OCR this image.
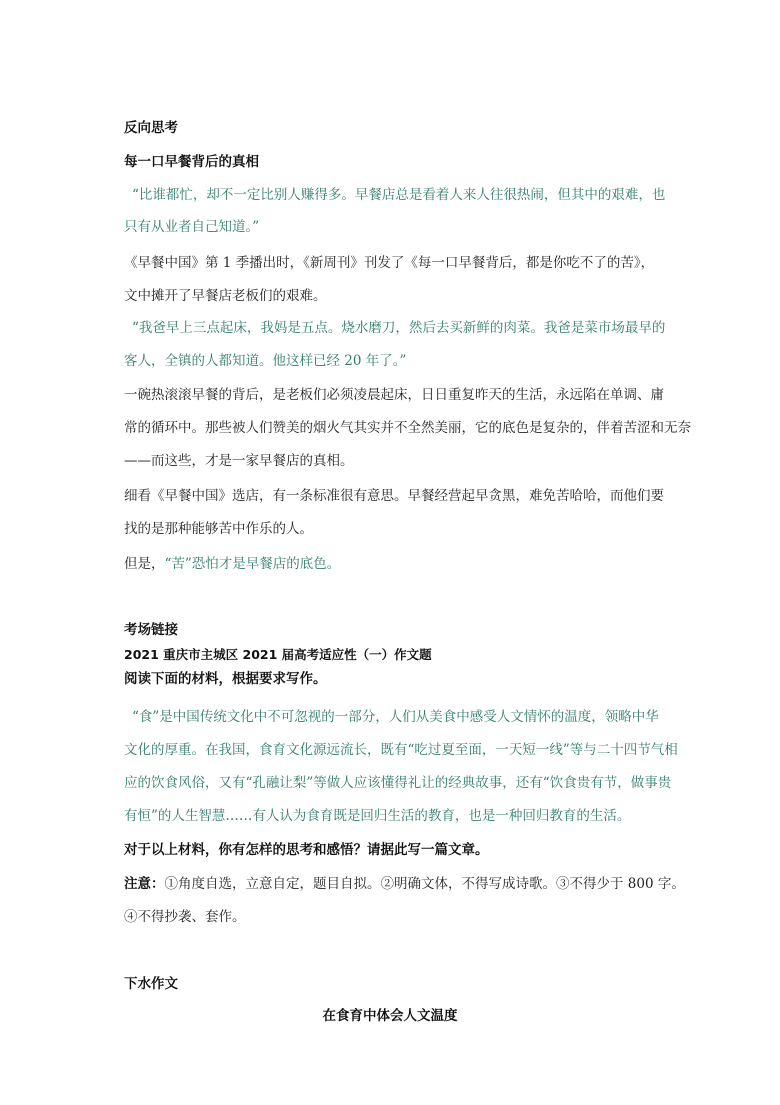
反向思考
每一口早餐背后的真相
“比谁都忙，却不一定比别人赚得多。早餐店总是看着人来人往很热闹，但其中的艰难，也
只有从业者自己知道。”
《早餐中国》第 1 季播出时，《新周刊》刊发了《每一口早餐背后，都是你吃不了的苦》，
文中摊开了早餐店老板们的艰难。
“我爸早上三点起床，我妈是五点。烧水磨刀，然后去买新鲜的肉菜。我爸是菜市场最早的
客人，全镇的人都知道。他这样已经 20 年了。”
一碗热滚滚早餐的背后，是老板们必须凌晨起床，日日重复昨天的生活，永远陷在单调、庸
常的循环中。那些被人们赞美的烟火气其实并不全然美丽，它的底色是复杂的，伴着苦涩和无奈
——而这些，才是一家早餐店的真相。
细看《早餐中国》选店，有一条标准很有意思。早餐经营起早贪黑，难免苦哈哈，而他们要
找的是那种能够苦中作乐的人。
但是，“苦”恐怕才是早餐店的底色。
考场链接
2021 重庆市主城区 2021 届高考适应性（一）作文题
阅读下面的材料，根据要求写作。
“食”是中国传统文化中不可忽视的一部分，人们从美食中感受人文情怀的温度，领略中华
文化的厚重。在我国，食育文化源远流长，既有“吃过夏至面，一天短一线”等与二十四节气相
应的饮食风俗，又有“孔融让梨”等做人应该懂得礼让的经典故事，还有“饮食贵有节，做事贵
有恒”的人生智慧……有人认为食育既是回归生活的教育，也是一种回归教育的生活。
对于以上材料，你有怎样的思考和感悟？请据此写一篇文章。
注意：①角度自选，立意自定，题目自拟。②明确文体，不得写成诗歌。③不得少于 800 字。
④不得抄袭、套作。
下水作文
在食育中体会人文温度
